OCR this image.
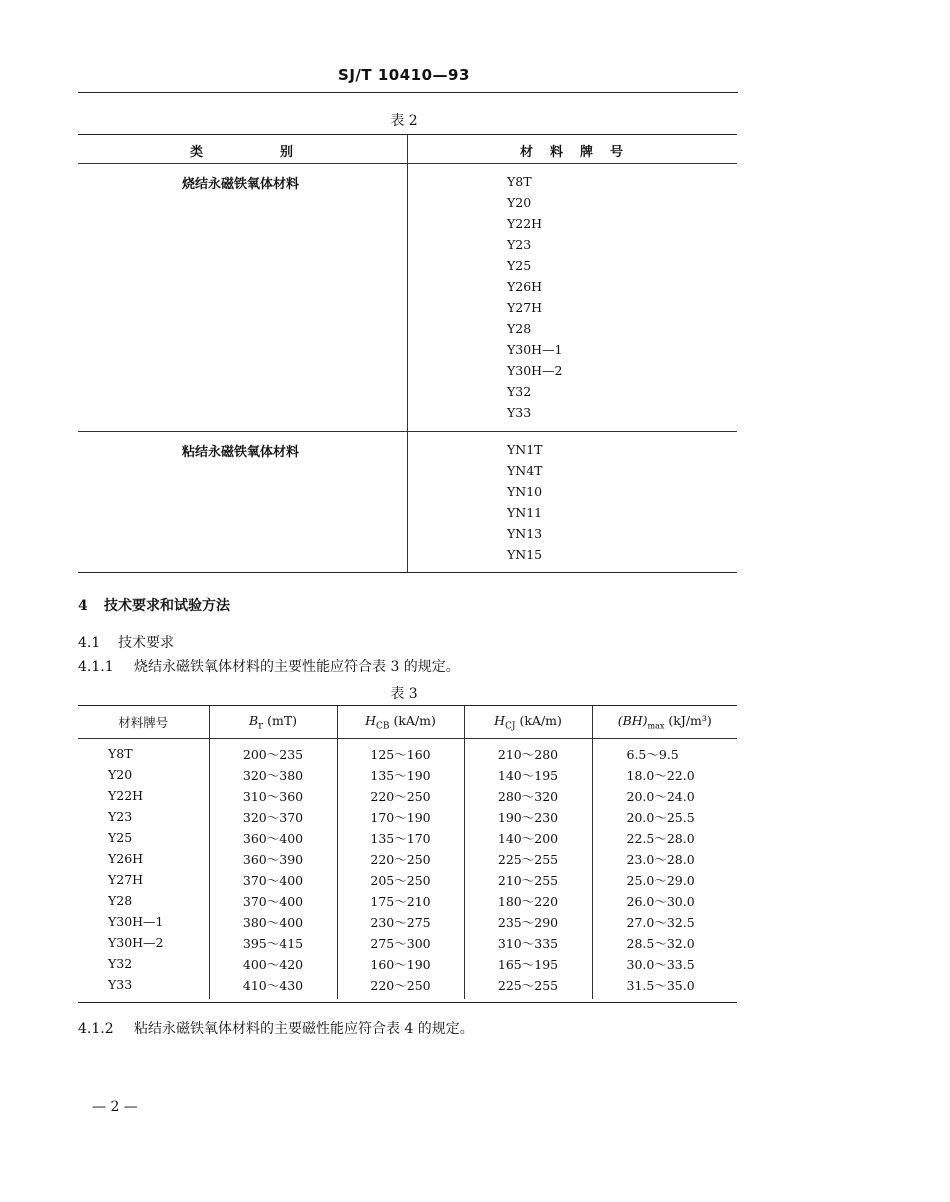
SJ/T 10410—93
表 2
类　　　　　别	材　料　牌　号
烧结永磁铁氧体材料	Y8T
Y20
Y22H
Y23
Y25
Y26H
Y27H
Y28
Y30H—1
Y30H—2
Y32
Y33
粘结永磁铁氧体材料	YN1T
YN4T
YN10
YN11
YN13
YN15
4 技术要求和试验方法
4.1 技术要求
4.1.1 烧结永磁铁氧体材料的主要性能应符合表 3 的规定。
表 3
材料牌号	$B_r$ (mT)	$H_{CB}$ (kA/m)	$H_{CJ}$ (kA/m)	$(BH)_{max}$ (kJ/m³)
Y8T	200～235	125～160	210～280	6.5～9.5
Y20	320～380	135～190	140～195	18.0～22.0
Y22H	310～360	220～250	280～320	20.0～24.0
Y23	320～370	170～190	190～230	20.0～25.5
Y25	360～400	135～170	140～200	22.5～28.0
Y26H	360～390	220～250	225～255	23.0～28.0
Y27H	370～400	205～250	210～255	25.0～29.0
Y28	370～400	175～210	180～220	26.0～30.0
Y30H—1	380～400	230～275	235～290	27.0～32.5
Y30H—2	395～415	275～300	310～335	28.5～32.0
Y32	400～420	160～190	165～195	30.0～33.5
Y33	410～430	220～250	225～255	31.5～35.0
4.1.2 粘结永磁铁氧体材料的主要磁性能应符合表 4 的规定。
— 2 —
